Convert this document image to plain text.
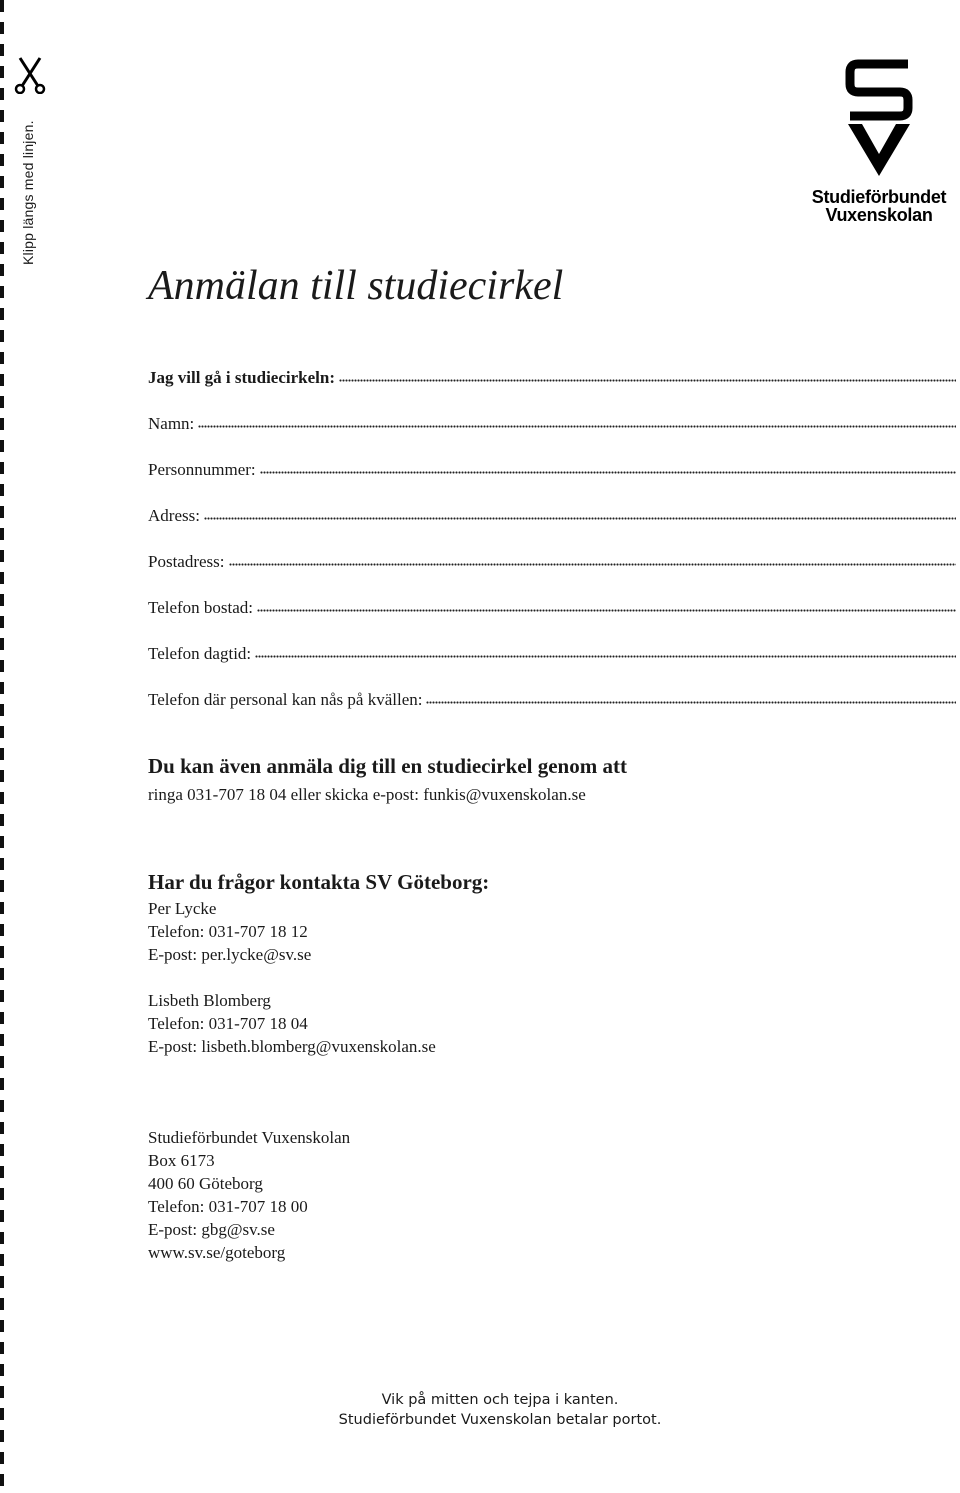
Klipp längs med linjen.	Studieförbundet
Vuxenskolan
Anmälan till studiecirkel
Jag vill gå i studiecirkeln:
Namn:
Personnummer:
Adress:
Postadress:
Telefon bostad:
Telefon dagtid:
Telefon där personal kan nås på kvällen:
Du kan även anmäla dig till en studiecirkel genom att
ringa 031-707 18 04 eller skicka e-post: funkis@vuxenskolan.se
Har du frågor kontakta SV Göteborg:
Per Lycke
Telefon: 031-707 18 12
E-post: per.lycke@sv.se
Lisbeth Blomberg
Telefon: 031-707 18 04
E-post: lisbeth.blomberg@vuxenskolan.se
Studieförbundet Vuxenskolan
Box 6173
400 60 Göteborg
Telefon: 031-707 18 00
E-post: gbg@sv.se
www.sv.se/goteborg
Vik på mitten och tejpa i kanten.
Studieförbundet Vuxenskolan betalar portot.
